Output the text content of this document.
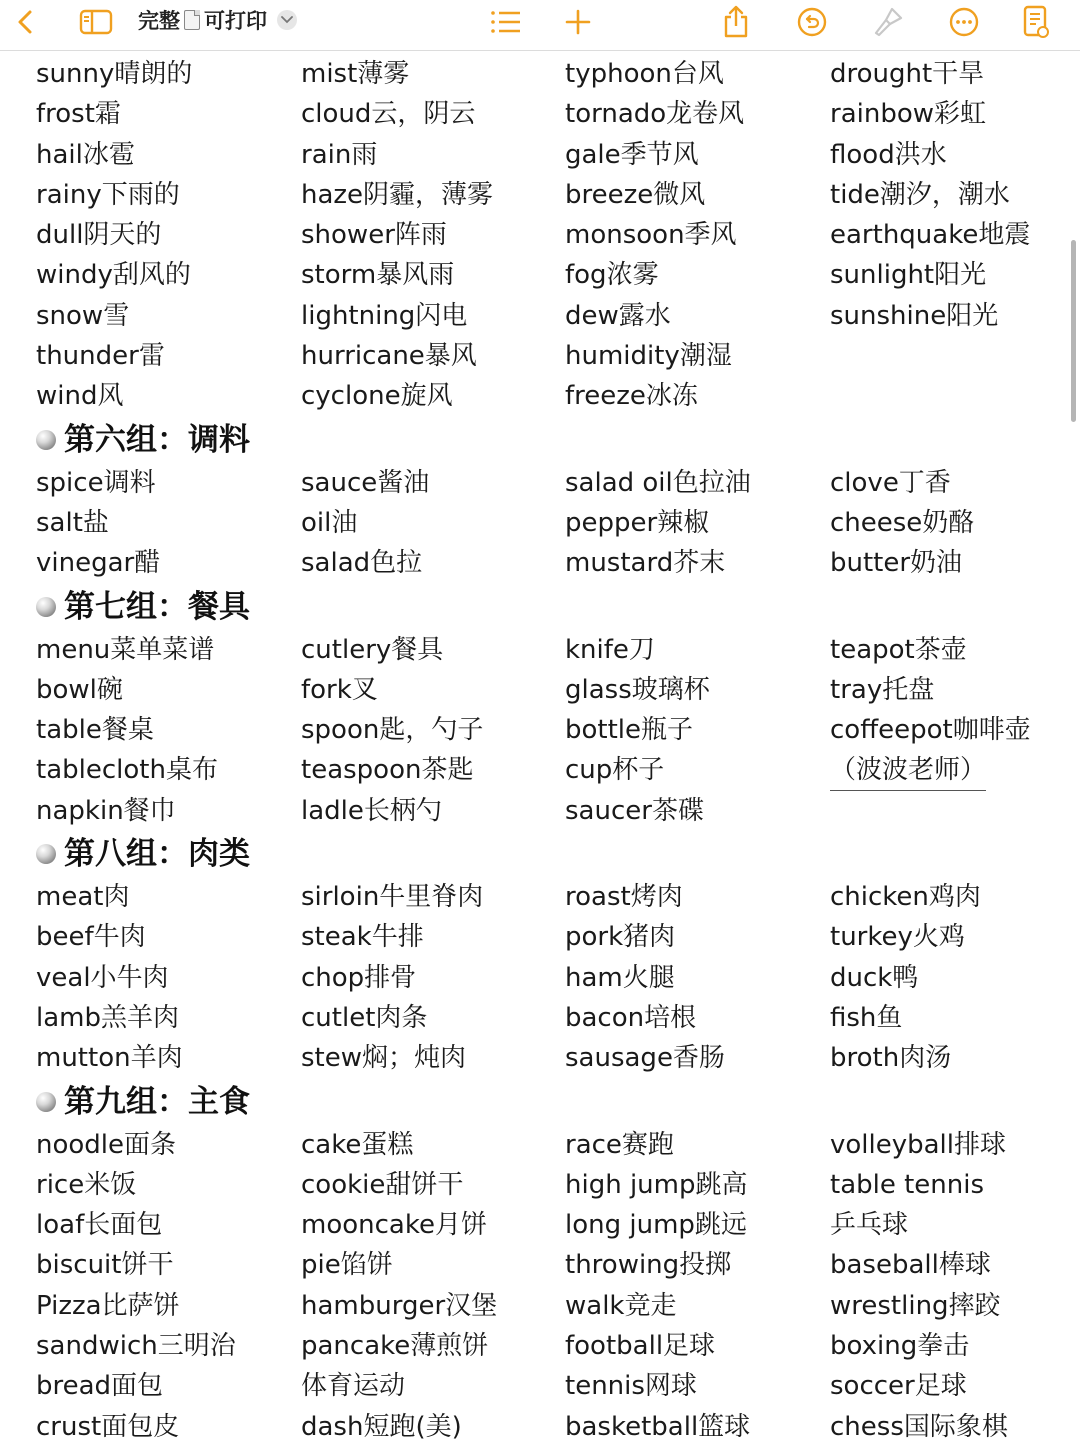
完整 可打印
sunny晴朗的	mist薄雾	typhoon台风	drought干旱
frost霜	cloud云，阴云	tornado龙卷风	rainbow彩虹
hail冰雹	rain雨	gale季节风	flood洪水
rainy下雨的	haze阴霾，薄雾	breeze微风	tide潮汐，潮水
dull阴天的	shower阵雨	monsoon季风	earthquake地震
windy刮风的	storm暴风雨	fog浓雾	sunlight阳光
snow雪	lightning闪电	dew露水	sunshine阳光
thunder雷	hurricane暴风	humidity潮湿
wind风	cyclone旋风	freeze冰冻
第六组：调料
spice调料	sauce酱油	salad oil色拉油	clove丁香
salt盐	oil油	pepper辣椒	cheese奶酪
vinegar醋	salad色拉	mustard芥末	butter奶油
第七组：餐具
menu菜单菜谱	cutlery餐具	knife刀	teapot茶壶
bowl碗	fork叉	glass玻璃杯	tray托盘
table餐桌	spoon匙，勺子	bottle瓶子	coffeepot咖啡壶
tablecloth桌布	teaspoon茶匙	cup杯子	（波波老师）
napkin餐巾	ladle长柄勺	saucer茶碟
第八组：肉类
meat肉	sirloin牛里脊肉	roast烤肉	chicken鸡肉
beef牛肉	steak牛排	pork猪肉	turkey火鸡
veal小牛肉	chop排骨	ham火腿	duck鸭
lamb羔羊肉	cutlet肉条	bacon培根	fish鱼
mutton羊肉	stew焖；炖肉	sausage香肠	broth肉汤
第九组：主食
noodle面条	cake蛋糕	race赛跑	volleyball排球
rice米饭	cookie甜饼干	high jump跳高	table tennis
loaf长面包	mooncake月饼	long jump跳远	乒乓球
biscuit饼干	pie馅饼	throwing投掷	baseball棒球
Pizza比萨饼	hamburger汉堡	walk竞走	wrestling摔跤
sandwich三明治	pancake薄煎饼	football足球	boxing拳击
bread面包	体育运动	tennis网球	soccer足球
crust面包皮	dash短跑(美)	basketball篮球	chess国际象棋
